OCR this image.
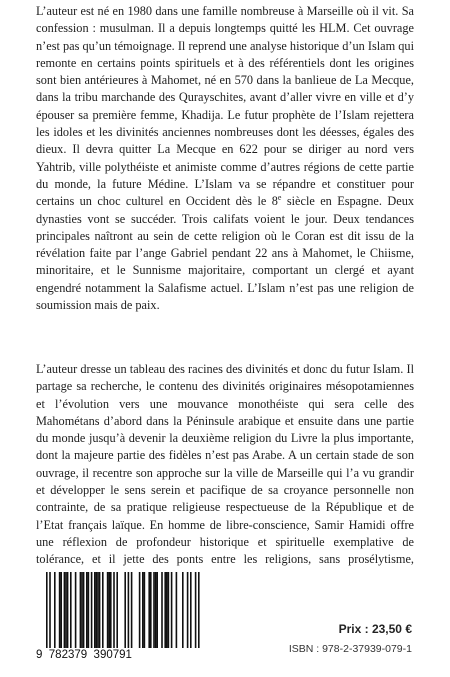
L’auteur est né en 1980 dans une famille nombreuse à Marseille où il vit. Sa confession : musulman. Il a depuis longtemps quitté les HLM. Cet ouvrage n’est pas qu’un témoignage. Il reprend une analyse historique d’un Islam qui remonte en certains points spirituels et à des référentiels dont les origines sont bien antérieures à Mahomet, né en 570 dans la banlieue de La Mecque, dans la tribu marchande des Qurayschites, avant d’aller vivre en ville et d’y épouser sa première femme, Khadija. Le futur prophète de l’Islam rejettera les idoles et les divinités anciennes nombreuses dont les déesses, égales des dieux. Il devra quitter La Mecque en 622 pour se diriger au nord vers Yahtrib, ville polythéiste et animiste comme d’autres régions de cette partie du monde, la future Médine. L’Islam va se répandre et constituer pour certains un choc culturel en Occident dès le 8e siècle en Espagne. Deux dynasties vont se succéder. Trois califats voient le jour. Deux tendances principales naîtront au sein de cette religion où le Coran est dit issu de la révélation faite par l’ange Gabriel pendant 22 ans à Mahomet, le Chiisme, minoritaire, et le Sunnisme majoritaire, comportant un clergé et ayant engendré notamment la Salafisme actuel. L’Islam n’est pas une religion de soumission mais de paix.

L’auteur dresse un tableau des racines des divinités et donc du futur Islam. Il partage sa recherche, le contenu des divinités originaires mésopotamiennes et l’évolution vers une mouvance monothéiste qui sera celle des Mahométans d’abord dans la Péninsule arabique et ensuite dans une partie du monde jusqu’à devenir la deuxième religion du Livre la plus importante, dont la majeure partie des fidèles n’est pas Arabe. A un certain stade de son ouvrage, il recentre son approche sur la ville de Marseille qui l’a vu grandir et développer le sens serein et pacifique de sa croyance personnelle non contrainte, de sa pratique religieuse respectueuse de la République et de l’Etat français laïque. En homme de libre-conscience, Samir Hamidi offre une réflexion de profondeur historique et spirituelle exemplative de tolérance, et il jette des ponts entre les religions, sans prosélytisme,

9  782379  390791
Prix : 23,50 €
ISBN : 978-2-37939-079-1
